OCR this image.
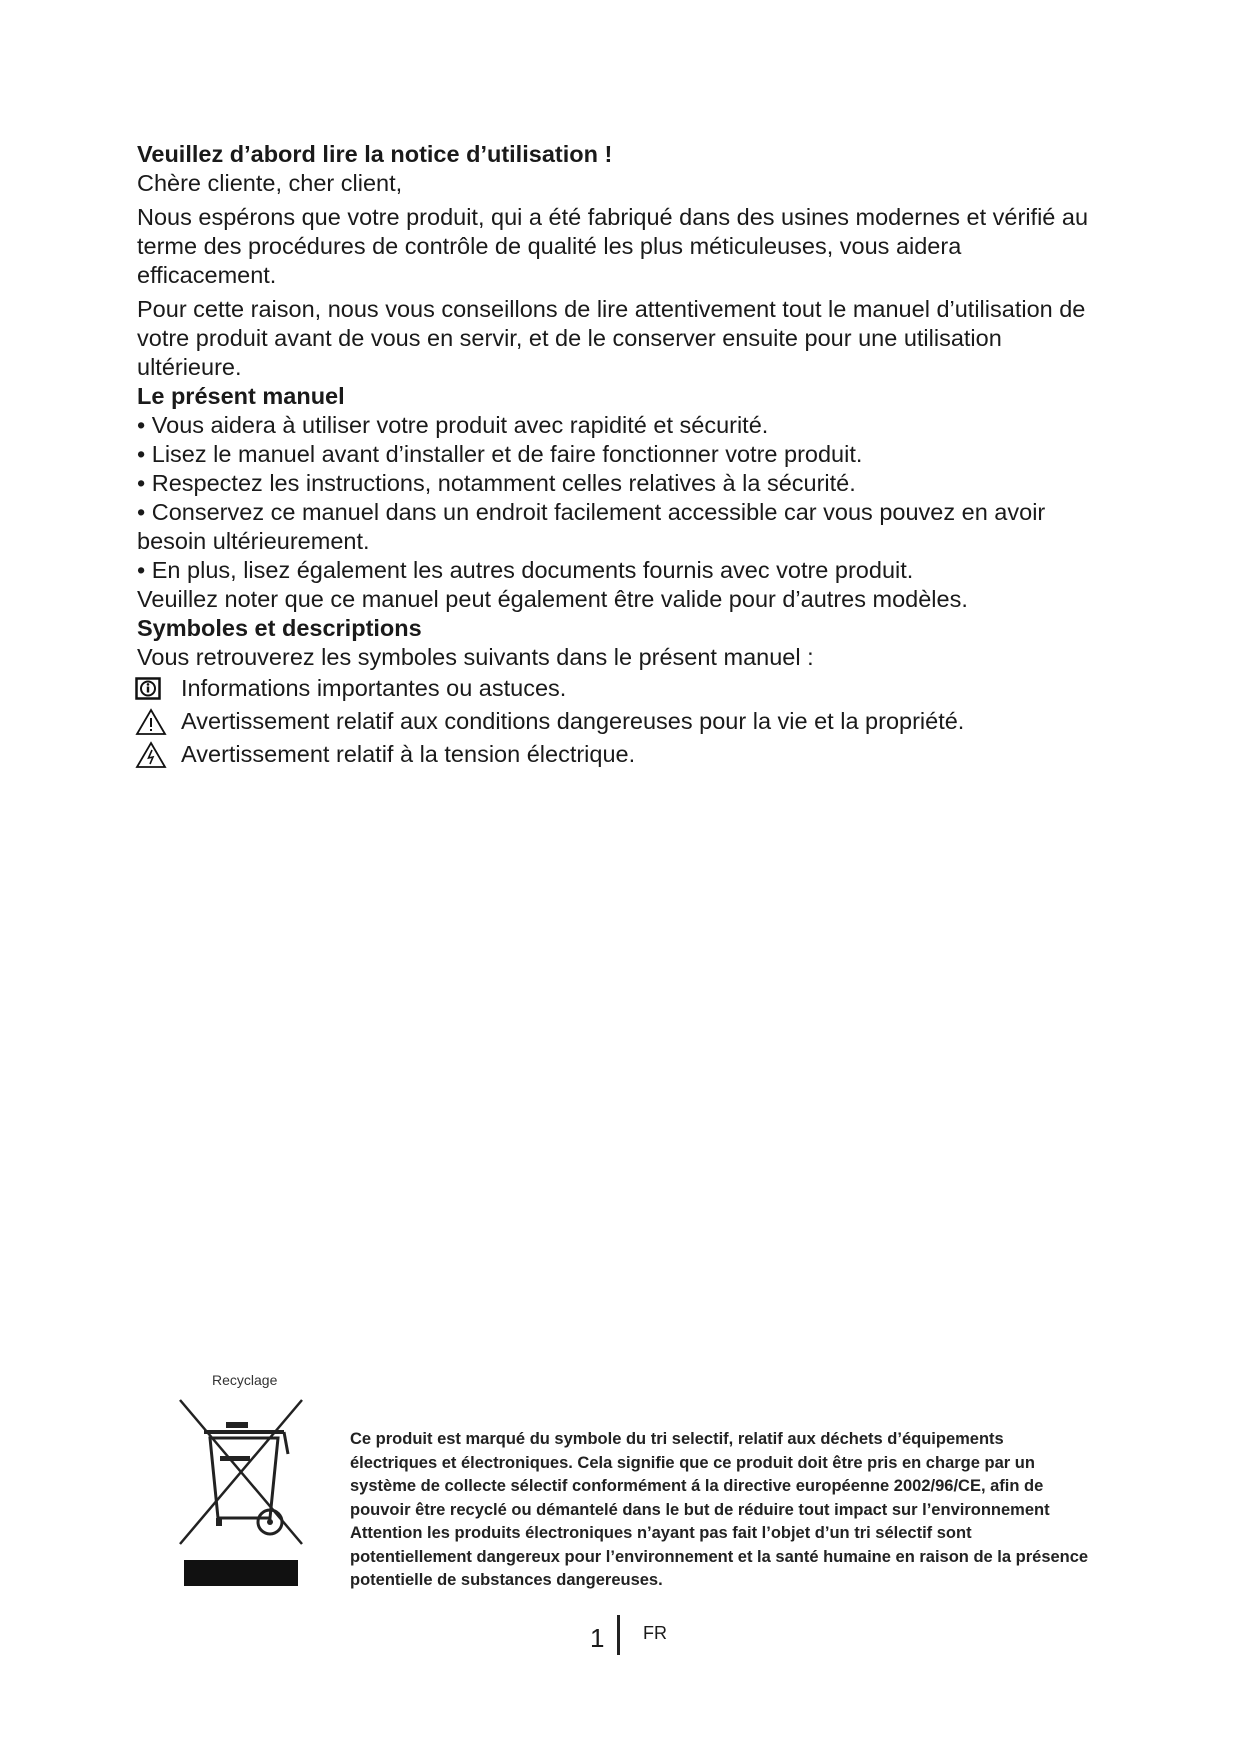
Veuillez d’abord lire la notice d’utilisation !

Chère cliente, cher client,

Nous espérons que votre produit, qui a été fabriqué dans des usines modernes et vérifié au terme des procédures de contrôle de qualité les plus méticuleuses, vous aidera efficacement.

Pour cette raison, nous vous conseillons de lire attentivement tout le manuel d’utilisation de votre produit avant de vous en servir, et de le conserver ensuite pour une utilisation ultérieure.

Le présent manuel

• Vous aidera à utiliser votre produit avec rapidité et sécurité.

• Lisez le manuel avant d’installer et de faire fonctionner votre produit.

• Respectez les instructions, notamment celles relatives à la sécurité.

• Conservez ce manuel dans un endroit facilement accessible car vous pouvez en avoir besoin ultérieurement.

• En plus, lisez également les autres documents fournis avec votre produit.

Veuillez noter que ce manuel peut également être valide pour d’autres modèles.

Symboles et descriptions

Vous retrouverez les symboles suivants dans le présent manuel :

Informations importantes ou astuces.
Avertissement relatif aux conditions dangereuses pour la vie et la propriété.
Avertissement relatif à la tension électrique.
Recyclage
Ce produit est marqué du symbole du tri selectif, relatif aux déchets d’équipements électriques et électroniques. Cela signifie que ce produit doit être pris en charge par un système de collecte sélectif conformément á la directive européenne 2002/96/CE, afin de pouvoir être recyclé ou démantelé dans le but de réduire tout impact sur l’environnement Attention les produits électroniques n’ayant pas fait l’objet d’un tri sélectif sont potentiellement dangereux pour l’environnement et la santé humaine en raison de la présence potentielle de substances dangereuses.
1 FR
